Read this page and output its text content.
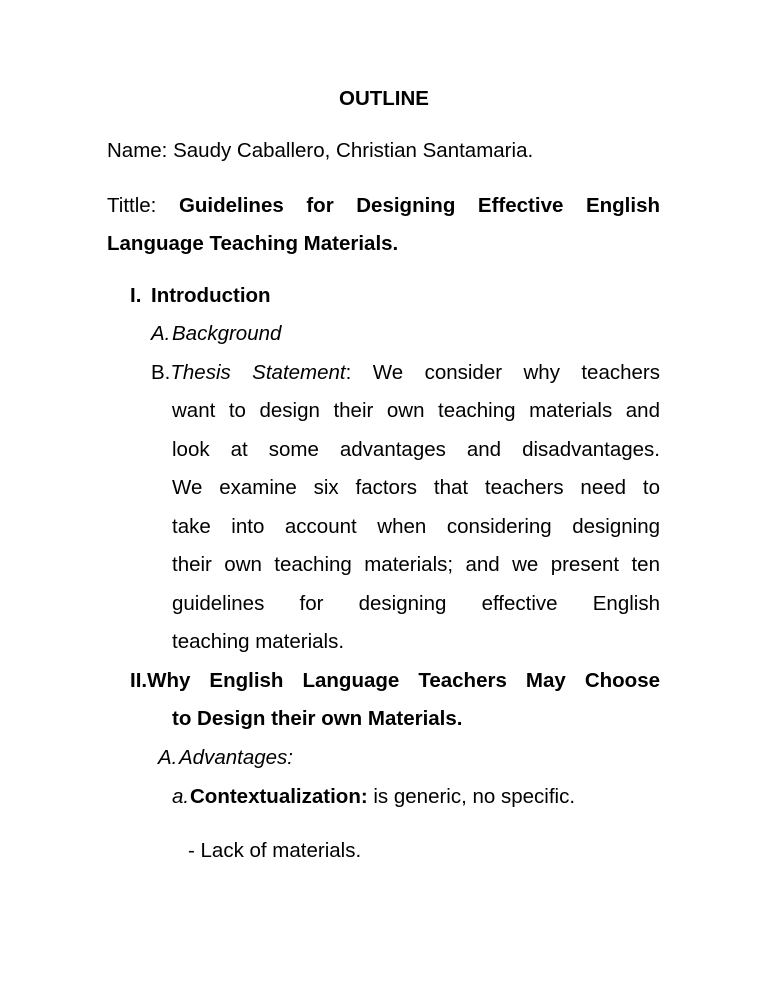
OUTLINE
Name: Saudy Caballero, Christian Santamaria.
Tittle: Guidelines for Designing Effective English
Language Teaching Materials.
I. Introduction
A.Background
B.Thesis Statement: We consider why teachers
want to design their own teaching materials and
look at some advantages and disadvantages.
We examine six factors that teachers need to
take into account when considering designing
their own teaching materials; and we present ten
guidelines for designing effective English
teaching materials.
II.Why English Language Teachers May Choose
to Design their own Materials.
A.Advantages:
a.Contextualization: is generic, no specific.
- Lack of materials.
